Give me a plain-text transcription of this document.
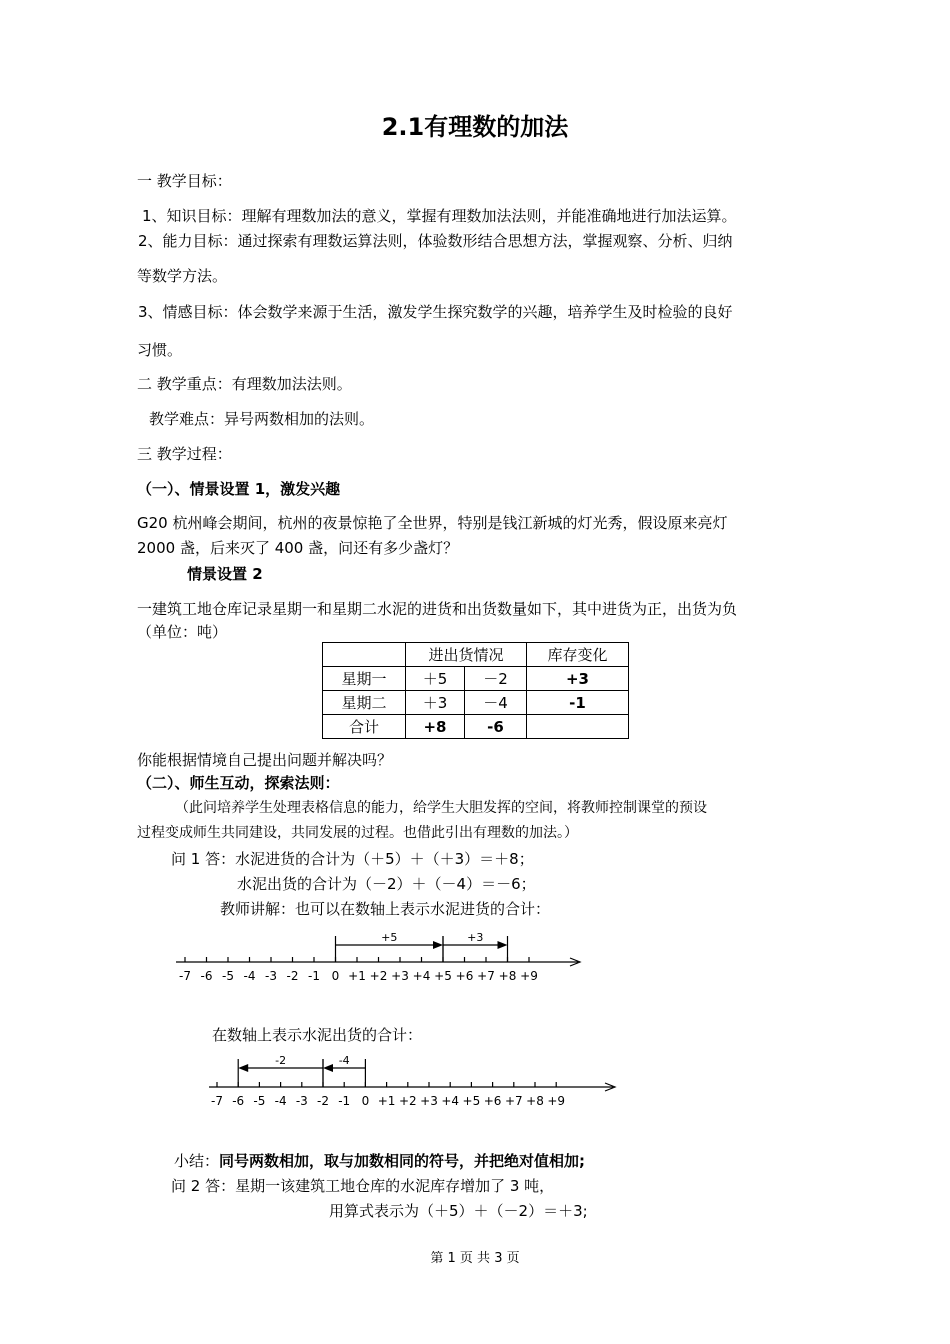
2.1有理数的加法
一 教学目标：
1、知识目标：理解有理数加法的意义，掌握有理数加法法则，并能准确地进行加法运算。
2、能力目标：通过探索有理数运算法则，体验数形结合思想方法，掌握观察、分析、归纳
等数学方法。
3、情感目标：体会数学来源于生活，激发学生探究数学的兴趣，培养学生及时检验的良好
习惯。
二 教学重点：有理数加法法则。
教学难点：异号两数相加的法则。
三 教学过程：
（一）、情景设置 1，激发兴趣
G20 杭州峰会期间，杭州的夜景惊艳了全世界，特别是钱江新城的灯光秀，假设原来亮灯
2000 盏，后来灭了 400 盏，问还有多少盏灯？
情景设置 2
一建筑工地仓库记录星期一和星期二水泥的进货和出货数量如下，其中进货为正，出货为负
（单位：吨）
	进出货情况		库存变化
星期一	＋5	－2	+3
星期二	＋3	－4	-1
合计	+8	-6	
你能根据情境自己提出问题并解决吗？
（二）、师生互动，探索法则：
（此问培养学生处理表格信息的能力，给学生大胆发挥的空间，将教师控制课堂的预设
过程变成师生共同建设，共同发展的过程。也借此引出有理数的加法。）
问 1 答：水泥进货的合计为（＋5）＋（＋3）＝＋8；
水泥出货的合计为（－2）＋（－4）＝－6；
教师讲解：也可以在数轴上表示水泥进货的合计：
-7 -6 -5 -4 -3 -2 -1 0 +1 +2 +3 +4 +5 +6 +7 +8 +9
+5	+3
在数轴上表示水泥出货的合计：
-7 -6 -5 -4 -3 -2 -1 0 +1 +2 +3 +4 +5 +6 +7 +8 +9
-4
-2
小结：同号两数相加，取与加数相同的符号，并把绝对值相加;
问 2 答：星期一该建筑工地仓库的水泥库存增加了 3 吨，
用算式表示为（＋5）＋（－2）＝＋3;
第 1 页 共 3 页
